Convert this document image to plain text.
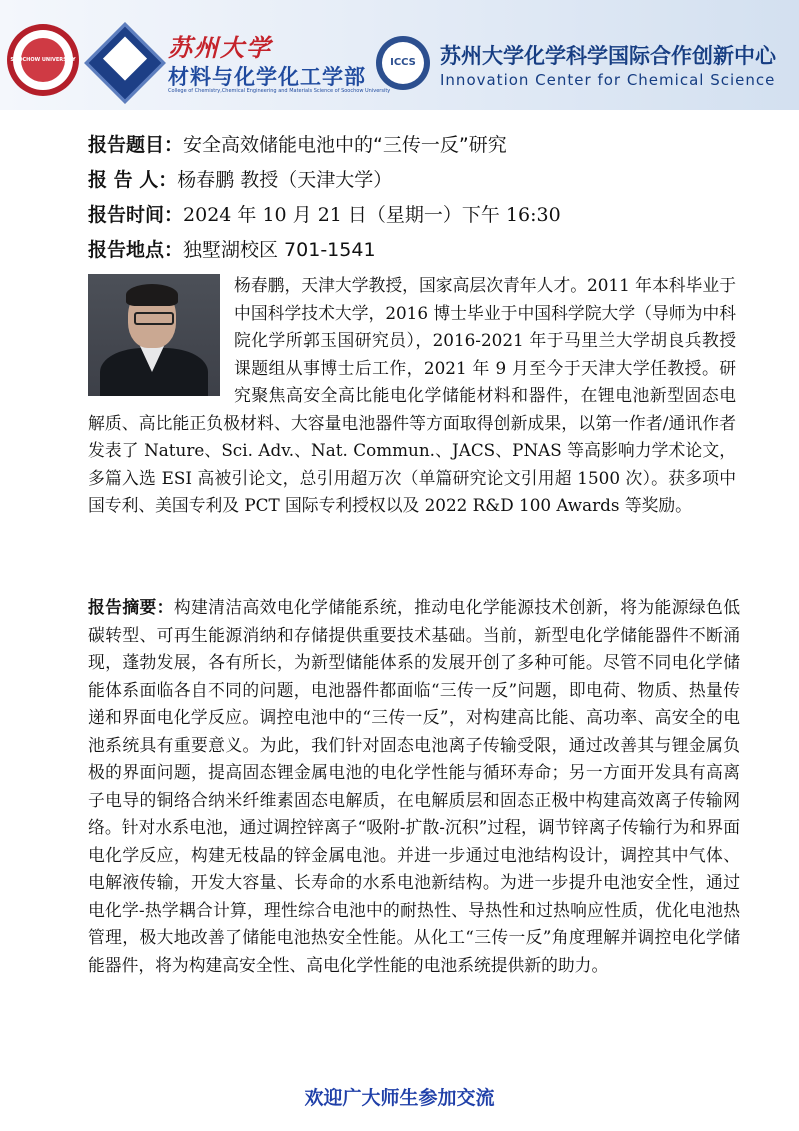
SOOCHOW UNIVERSITY	苏州大学
材料与化学化工学部
College of Chemistry,Chemical Engineering and Materials Science of Soochow University
ICCS	苏州大学化学科学国际合作创新中心
Innovation Center for Chemical Science
报告题目：安全高效储能电池中的“三传一反”研究
报 告 人：杨春鹏 教授（天津大学）
报告时间：2024 年 10 月 21 日（星期一）下午 16:30
报告地点：独墅湖校区 701-1541
杨春鹏，天津大学教授，国家高层次青年人才。2011 年本科毕业于中国科学技术大学，2016 博士毕业于中国科学院大学（导师为中科院化学所郭玉国研究员），2016-2021 年于马里兰大学胡良兵教授课题组从事博士后工作，2021 年 9 月至今于天津大学任教授。研究聚焦高安全高比能电化学储能材料和器件，在锂电池新型固态电解质、高比能正负极材料、大容量电池器件等方面取得创新成果，以第一作者/通讯作者发表了 Nature、Sci. Adv.、Nat. Commun.、JACS、PNAS 等高影响力学术论文，多篇入选 ESI 高被引论文，总引用超万次（单篇研究论文引用超 1500 次）。获多项中国专利、美国专利及 PCT 国际专利授权以及 2022 R&D 100 Awards 等奖励。
报告摘要：构建清洁高效电化学储能系统，推动电化学能源技术创新，将为能源绿色低碳转型、可再生能源消纳和存储提供重要技术基础。当前，新型电化学储能器件不断涌现，蓬勃发展，各有所长，为新型储能体系的发展开创了多种可能。尽管不同电化学储能体系面临各自不同的问题，电池器件都面临“三传一反”问题，即电荷、物质、热量传递和界面电化学反应。调控电池中的“三传一反”，对构建高比能、高功率、高安全的电池系统具有重要意义。为此，我们针对固态电池离子传输受限，通过改善其与锂金属负极的界面问题，提高固态锂金属电池的电化学性能与循环寿命；另一方面开发具有高离子电导的铜络合纳米纤维素固态电解质，在电解质层和固态正极中构建高效离子传输网络。针对水系电池，通过调控锌离子“吸附-扩散-沉积”过程，调节锌离子传输行为和界面电化学反应，构建无枝晶的锌金属电池。并进一步通过电池结构设计，调控其中气体、电解液传输，开发大容量、长寿命的水系电池新结构。为进一步提升电池安全性，通过电化学-热学耦合计算，理性综合电池中的耐热性、导热性和过热响应性质，优化电池热管理，极大地改善了储能电池热安全性能。从化工“三传一反”角度理解并调控电化学储能器件，将为构建高安全性、高电化学性能的电池系统提供新的助力。
欢迎广大师生参加交流
